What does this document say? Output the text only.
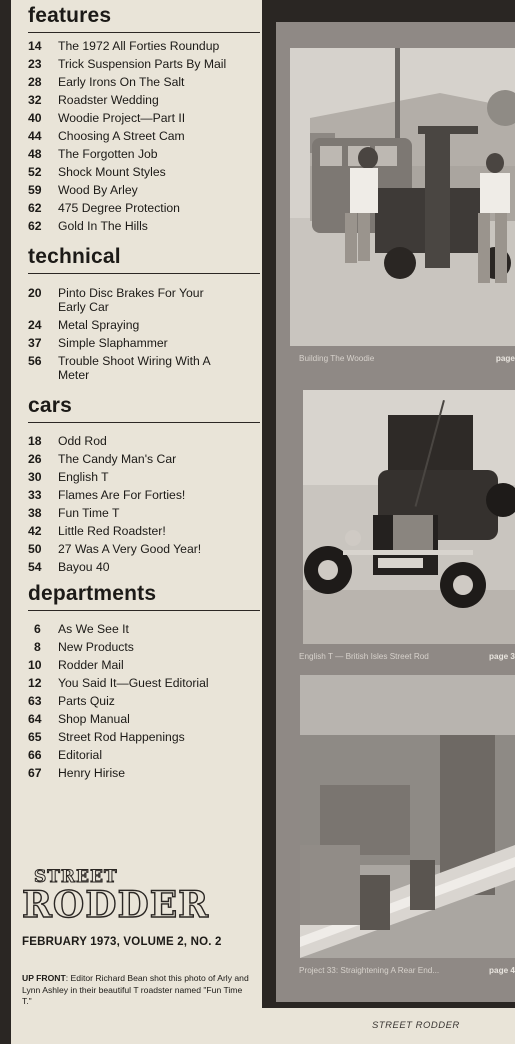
features
14	The 1972 All Forties Roundup
23	Trick Suspension Parts By Mail
28	Early Irons On The Salt
32	Roadster Wedding
40	Woodie Project—Part II
44	Choosing A Street Cam
48	The Forgotten Job
52	Shock Mount Styles
59	Wood By Arley
62	475 Degree Protection
62	Gold In The Hills
technical
20	Pinto Disc Brakes For Your Early Car
24	Metal Spraying
37	Simple Slaphammer
56	Trouble Shoot Wiring With A Meter
cars
18	Odd Rod
26	The Candy Man's Car
30	English T
33	Flames Are For Forties!
38	Fun Time T
42	Little Red Roadster!
50	27 Was A Very Good Year!
54	Bayou 40
departments
6	As We See It
8	New Products
10	Rodder Mail
12	You Said It—Guest Editorial
63	Parts Quiz
64	Shop Manual
65	Street Rod Happenings
66	Editorial
67	Henry Hirise
STREET
RODDER
FEBRUARY 1973, VOLUME 2, NO. 2
UP FRONT: Editor Richard Bean shot this photo of Arly and Lynn Ashley in their beautiful T roadster named "Fun Time T."
Building The Woodie	page
English T — British Isles Street Rod	page 3
Project 33: Straightening A Rear End...	page 4
STREET RODDER
